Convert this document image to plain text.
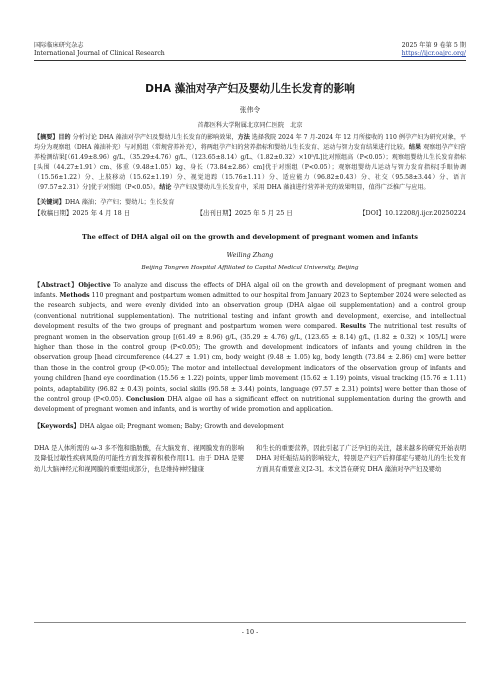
国际临床研究杂志
International Journal of Clinical Research
2025 年第 9 卷第 5 期
https://ijcr.oajrc.org/
DHA 藻油对孕产妇及婴幼儿生长发育的影响
张伟令
首都医科大学附属北京同仁医院　北京
【摘要】目的 分析讨论 DHA 藻油对孕产妇及婴幼儿生长发育的影响效果，方法 选择我院 2024 年 7 月-2024 年 12 月所接收的 110 例孕产妇为研究对象，平均分为观察组（DHA 藻油补充）与对照组（常规营养补充），将两组孕产妇的营养指标和婴幼儿生长发育、运动与智力发育结果进行比较。结果 观察组孕产妇营养检测结果[（61.49±8.96）g/L、（35.29±4.76）g/L、（123.65±8.14）g/L、（1.82±0.32）×10⁵/L]比对照组高（P<0.05）；观察组婴幼儿生长发育指标[头围（44.27±1.91）cm、体重（9.48±1.05）kg、身长（73.84±2.86）cm]优于对照组（P<0.05）；观察组婴幼儿运动与智力发育指标[手眼协调（15.56±1.22）分、上肢移动（15.62±1.19）分、视觉追踪（15.76±1.11）分、适应能力（96.82±0.43）分、社交（95.58±3.44）分、语言（97.57±2.31）分]优于对照组（P<0.05）。结论 孕产妇及婴幼儿生长发育中，采用 DHA 藻油进行营养补充的效果明显，值得广泛推广与应用。
【关键词】DHA 藻油；孕产妇；婴幼儿；生长发育
【收稿日期】2025 年 4 月 18 日	【出刊日期】2025 年 5 月 25 日	【DOI】10.12208/j.ijcr.20250224
The effect of DHA algal oil on the growth and development of pregnant women and infants
Weiling Zhang
Beijing Tongren Hospital Affiliated to Capital Medical University, Beijing
【Abstract】Objective To analyze and discuss the effects of DHA algal oil on the growth and development of pregnant women and infants. Methods 110 pregnant and postpartum women admitted to our hospital from January 2023 to September 2024 were selected as the research subjects, and were evenly divided into an observation group (DHA algae oil supplementation) and a control group (conventional nutritional supplementation). The nutritional testing and infant growth and development, exercise, and intellectual development results of the two groups of pregnant and postpartum women were compared. Results The nutritional test results of pregnant women in the observation group [(61.49 ± 8.96) g/L, (35.29 ± 4.76) g/L, (123.65 ± 8.14) g/L, (1.82 ± 0.32) × 105/L] were higher than those in the control group (P<0.05); The growth and development indicators of infants and young children in the observation group [head circumference (44.27 ± 1.91) cm, body weight (9.48 ± 1.05) kg, body length (73.84 ± 2.86) cm] were better than those in the control group (P<0.05); The motor and intellectual development indicators of the observation group of infants and young children [hand eye coordination (15.56 ± 1.22) points, upper limb movement (15.62 ± 1.19) points, visual tracking (15.76 ± 1.11) points, adaptability (96.82 ± 0.43) points, social skills (95.58 ± 3.44) points, language (97.57 ± 2.31) points] were better than those of the control group (P<0.05). Conclusion DHA algae oil has a significant effect on nutritional supplementation during the growth and development of pregnant women and infants, and is worthy of wide promotion and application.
【Keywords】DHA algae oil; Pregnant women; Baby; Growth and development
DHA 是人体所需的 ω-3 多不饱和脂肪酸，在大脑发育、视网膜发育的影响及降低过敏性疾病风险的可能性方面发挥着积极作用[1]。由于 DHA 是婴幼儿大脑神经元和视网膜的重要组成部分，也是维持神经健康
和生长的重要营养，因此引起了广泛孕妇的关注，越来越多的研究开始表明 DHA 对妊娠结局的影响较大，特别是产妇产后抑郁症与婴幼儿的生长发育方面具有重要意义[2-3]。本文旨在研究 DHA 藻油对孕产妇及婴幼
- 10 -
